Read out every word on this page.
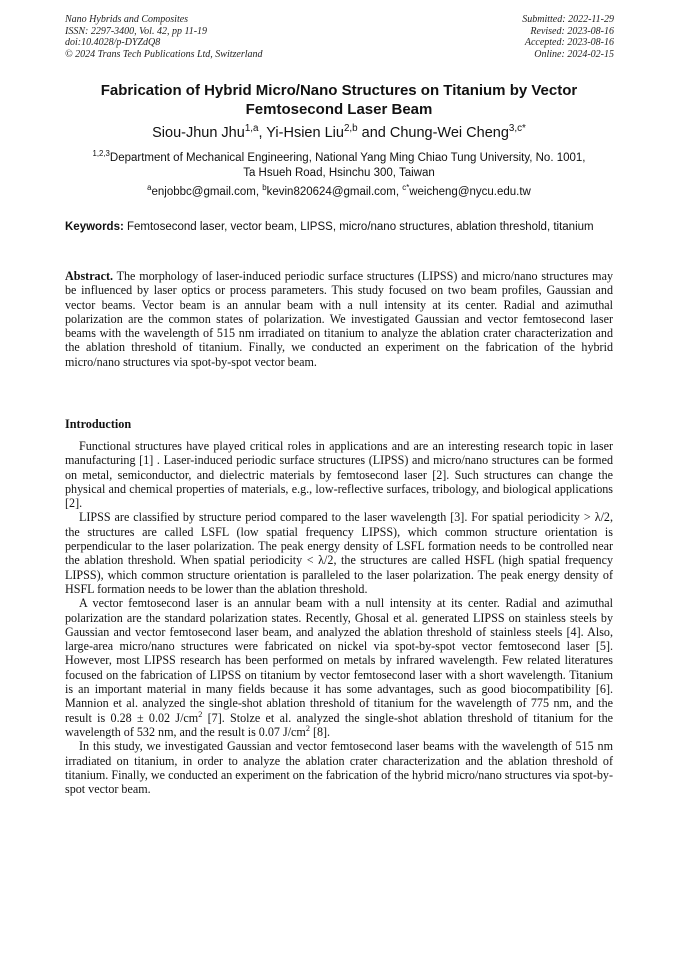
Nano Hybrids and Composites
ISSN: 2297-3400, Vol. 42, pp 11-19
doi:10.4028/p-DYZdQ8
© 2024 Trans Tech Publications Ltd, Switzerland
Submitted: 2022-11-29
Revised: 2023-08-16
Accepted: 2023-08-16
Online: 2024-02-15
Fabrication of Hybrid Micro/Nano Structures on Titanium by Vector Femtosecond Laser Beam
Siou-Jhun Jhu$^{1,a}$, Yi-Hsien Liu$^{2,b}$ and Chung-Wei Cheng$^{3,c*}$
$^{1,2,3}$Department of Mechanical Engineering, National Yang Ming Chiao Tung University, No. 1001,
Ta Hsueh Road, Hsinchu 300, Taiwan
$^a$enjobbc@gmail.com, $^b$kevin820624@gmail.com, $^{c*}$weicheng@nycu.edu.tw
Keywords: Femtosecond laser, vector beam, LIPSS, micro/nano structures, ablation threshold, titanium
Abstract. The morphology of laser-induced periodic surface structures (LIPSS) and micro/nano structures may be influenced by laser optics or process parameters. This study focused on two beam profiles, Gaussian and vector beams. Vector beam is an annular beam with a null intensity at its center. Radial and azimuthal polarization are the common states of polarization. We investigated Gaussian and vector femtosecond laser beams with the wavelength of 515 nm irradiated on titanium to analyze the ablation crater characterization and the ablation threshold of titanium. Finally, we conducted an experiment on the fabrication of the hybrid micro/nano structures via spot-by-spot vector beam.
Introduction

Functional structures have played critical roles in applications and are an interesting research topic in laser manufacturing [1] . Laser-induced periodic surface structures (LIPSS) and micro/nano structures can be formed on metal, semiconductor, and dielectric materials by femtosecond laser [2]. Such structures can change the physical and chemical properties of materials, e.g., low-reflective surfaces, tribology, and biological applications [2].

LIPSS are classified by structure period compared to the laser wavelength [3]. For spatial periodicity > λ/2, the structures are called LSFL (low spatial frequency LIPSS), which common structure orientation is perpendicular to the laser polarization. The peak energy density of LSFL formation needs to be controlled near the ablation threshold. When spatial periodicity < λ/2, the structures are called HSFL (high spatial frequency LIPSS), which common structure orientation is paralleled to the laser polarization. The peak energy density of HSFL formation needs to be lower than the ablation threshold.

A vector femtosecond laser is an annular beam with a null intensity at its center. Radial and azimuthal polarization are the standard polarization states. Recently, Ghosal et al. generated LIPSS on stainless steels by Gaussian and vector femtosecond laser beam, and analyzed the ablation threshold of stainless steels [4]. Also, large-area micro/nano structures were fabricated on nickel via spot-by-spot vector femtosecond laser [5]. However, most LIPSS research has been performed on metals by infrared wavelength. Few related literatures focused on the fabrication of LIPSS on titanium by vector femtosecond laser with a short wavelength. Titanium is an important material in many fields because it has some advantages, such as good biocompatibility [6]. Mannion et al. analyzed the single-shot ablation threshold of titanium for the wavelength of 775 nm, and the result is 0.28 ± 0.02 $J/cm^2$ [7]. Stolze et al. analyzed the single-shot ablation threshold of titanium for the wavelength of 532 nm, and the result is 0.07 $J/cm^2$ [8].

In this study, we investigated Gaussian and vector femtosecond laser beams with the wavelength of 515 nm irradiated on titanium, in order to analyze the ablation crater characterization and the ablation threshold of titanium. Finally, we conducted an experiment on the fabrication of the hybrid micro/nano structures via spot-by-spot vector beam.
